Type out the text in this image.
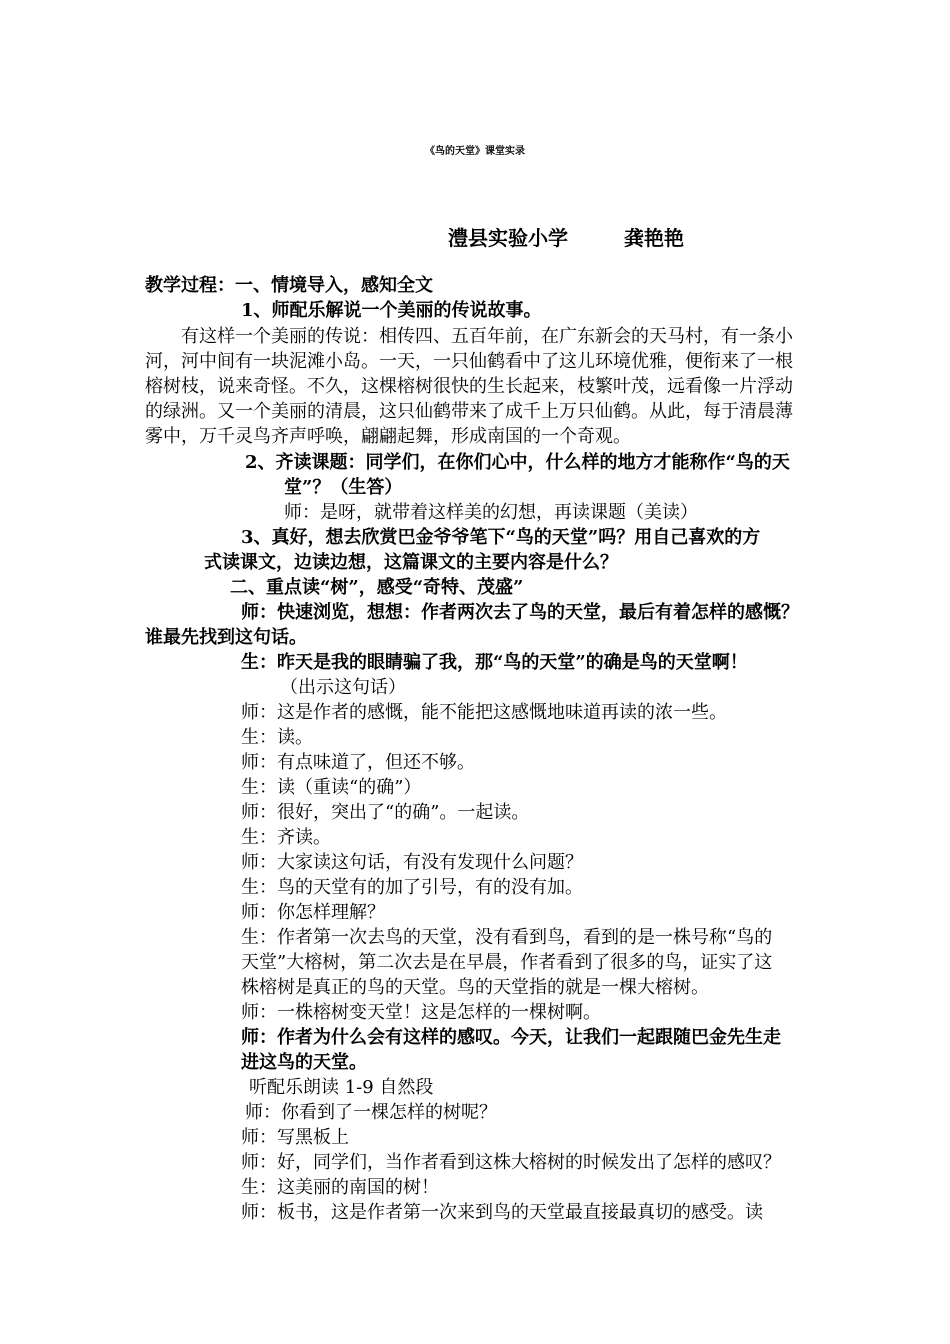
《鸟的天堂》课堂实录
澧县实验小学	龚艳艳
教学过程：一、情境导入，感知全文
1、师配乐解说一个美丽的传说故事。
有这样一个美丽的传说：相传四、五百年前，在广东新会的天马村，有一条小
河，河中间有一块泥滩小岛。一天，一只仙鹤看中了这儿环境优雅，便衔来了一根
榕树枝，说来奇怪。不久，这棵榕树很快的生长起来，枝繁叶茂，远看像一片浮动
的绿洲。又一个美丽的清晨，这只仙鹤带来了成千上万只仙鹤。从此，每于清晨薄
雾中，万千灵鸟齐声呼唤，翩翩起舞，形成南国的一个奇观。
2、齐读课题：同学们，在你们心中，什么样的地方才能称作“鸟的天
堂”？（生答）
师：是呀，就带着这样美的幻想，再读课题（美读）
3、真好，想去欣赏巴金爷爷笔下“鸟的天堂”吗？用自己喜欢的方
式读课文，边读边想，这篇课文的主要内容是什么？
二、重点读“树”，感受“奇特、茂盛”
师：快速浏览，想想：作者两次去了鸟的天堂，最后有着怎样的感慨？
谁最先找到这句话。
生：昨天是我的眼睛骗了我，那“鸟的天堂”的确是鸟的天堂啊！
（出示这句话）
师：这是作者的感慨，能不能把这感慨地味道再读的浓一些。
生：读。
师：有点味道了，但还不够。
生：读（重读“的确”）
师：很好，突出了“的确”。一起读。
生：齐读。
师：大家读这句话，有没有发现什么问题？
生：鸟的天堂有的加了引号，有的没有加。
师：你怎样理解？
生：作者第一次去鸟的天堂，没有看到鸟，看到的是一株号称“鸟的
天堂”大榕树，第二次去是在早晨，作者看到了很多的鸟，证实了这
株榕树是真正的鸟的天堂。鸟的天堂指的就是一棵大榕树。
师：一株榕树变天堂！这是怎样的一棵树啊。
师：作者为什么会有这样的感叹。今天，让我们一起跟随巴金先生走
进这鸟的天堂。
听配乐朗读 1-9 自然段
师：你看到了一棵怎样的树呢？
师：写黑板上
师：好，同学们，当作者看到这株大榕树的时候发出了怎样的感叹？
生：这美丽的南国的树！
师：板书，这是作者第一次来到鸟的天堂最直接最真切的感受。读
